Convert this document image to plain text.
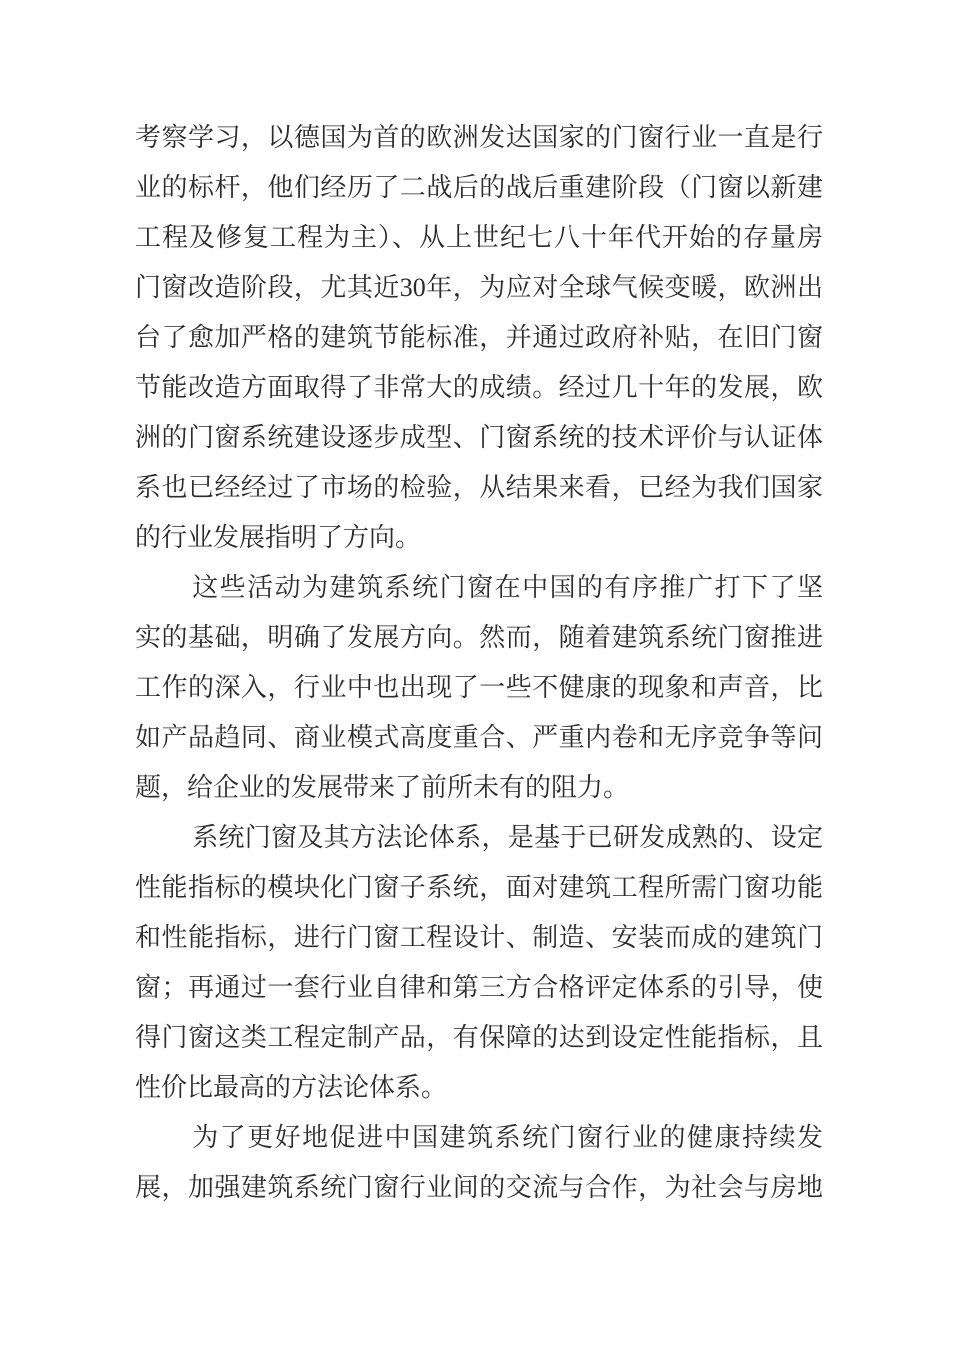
考察学习，以德国为首的欧洲发达国家的门窗行业一直是行
业的标杆，他们经历了二战后的战后重建阶段（门窗以新建
工程及修复工程为主）、从上世纪七八十年代开始的存量房
门窗改造阶段，尤其近30年，为应对全球气候变暖，欧洲出
台了愈加严格的建筑节能标准，并通过政府补贴，在旧门窗
节能改造方面取得了非常大的成绩。经过几十年的发展，欧
洲的门窗系统建设逐步成型、门窗系统的技术评价与认证体
系也已经经过了市场的检验，从结果来看，已经为我们国家
的行业发展指明了方向。
这些活动为建筑系统门窗在中国的有序推广打下了坚
实的基础，明确了发展方向。然而，随着建筑系统门窗推进
工作的深入，行业中也出现了一些不健康的现象和声音，比
如产品趋同、商业模式高度重合、严重内卷和无序竞争等问
题，给企业的发展带来了前所未有的阻力。
系统门窗及其方法论体系，是基于已研发成熟的、设定
性能指标的模块化门窗子系统，面对建筑工程所需门窗功能
和性能指标，进行门窗工程设计、制造、安装而成的建筑门
窗；再通过一套行业自律和第三方合格评定体系的引导，使
得门窗这类工程定制产品，有保障的达到设定性能指标，且
性价比最高的方法论体系。
为了更好地促进中国建筑系统门窗行业的健康持续发
展，加强建筑系统门窗行业间的交流与合作，为社会与房地
